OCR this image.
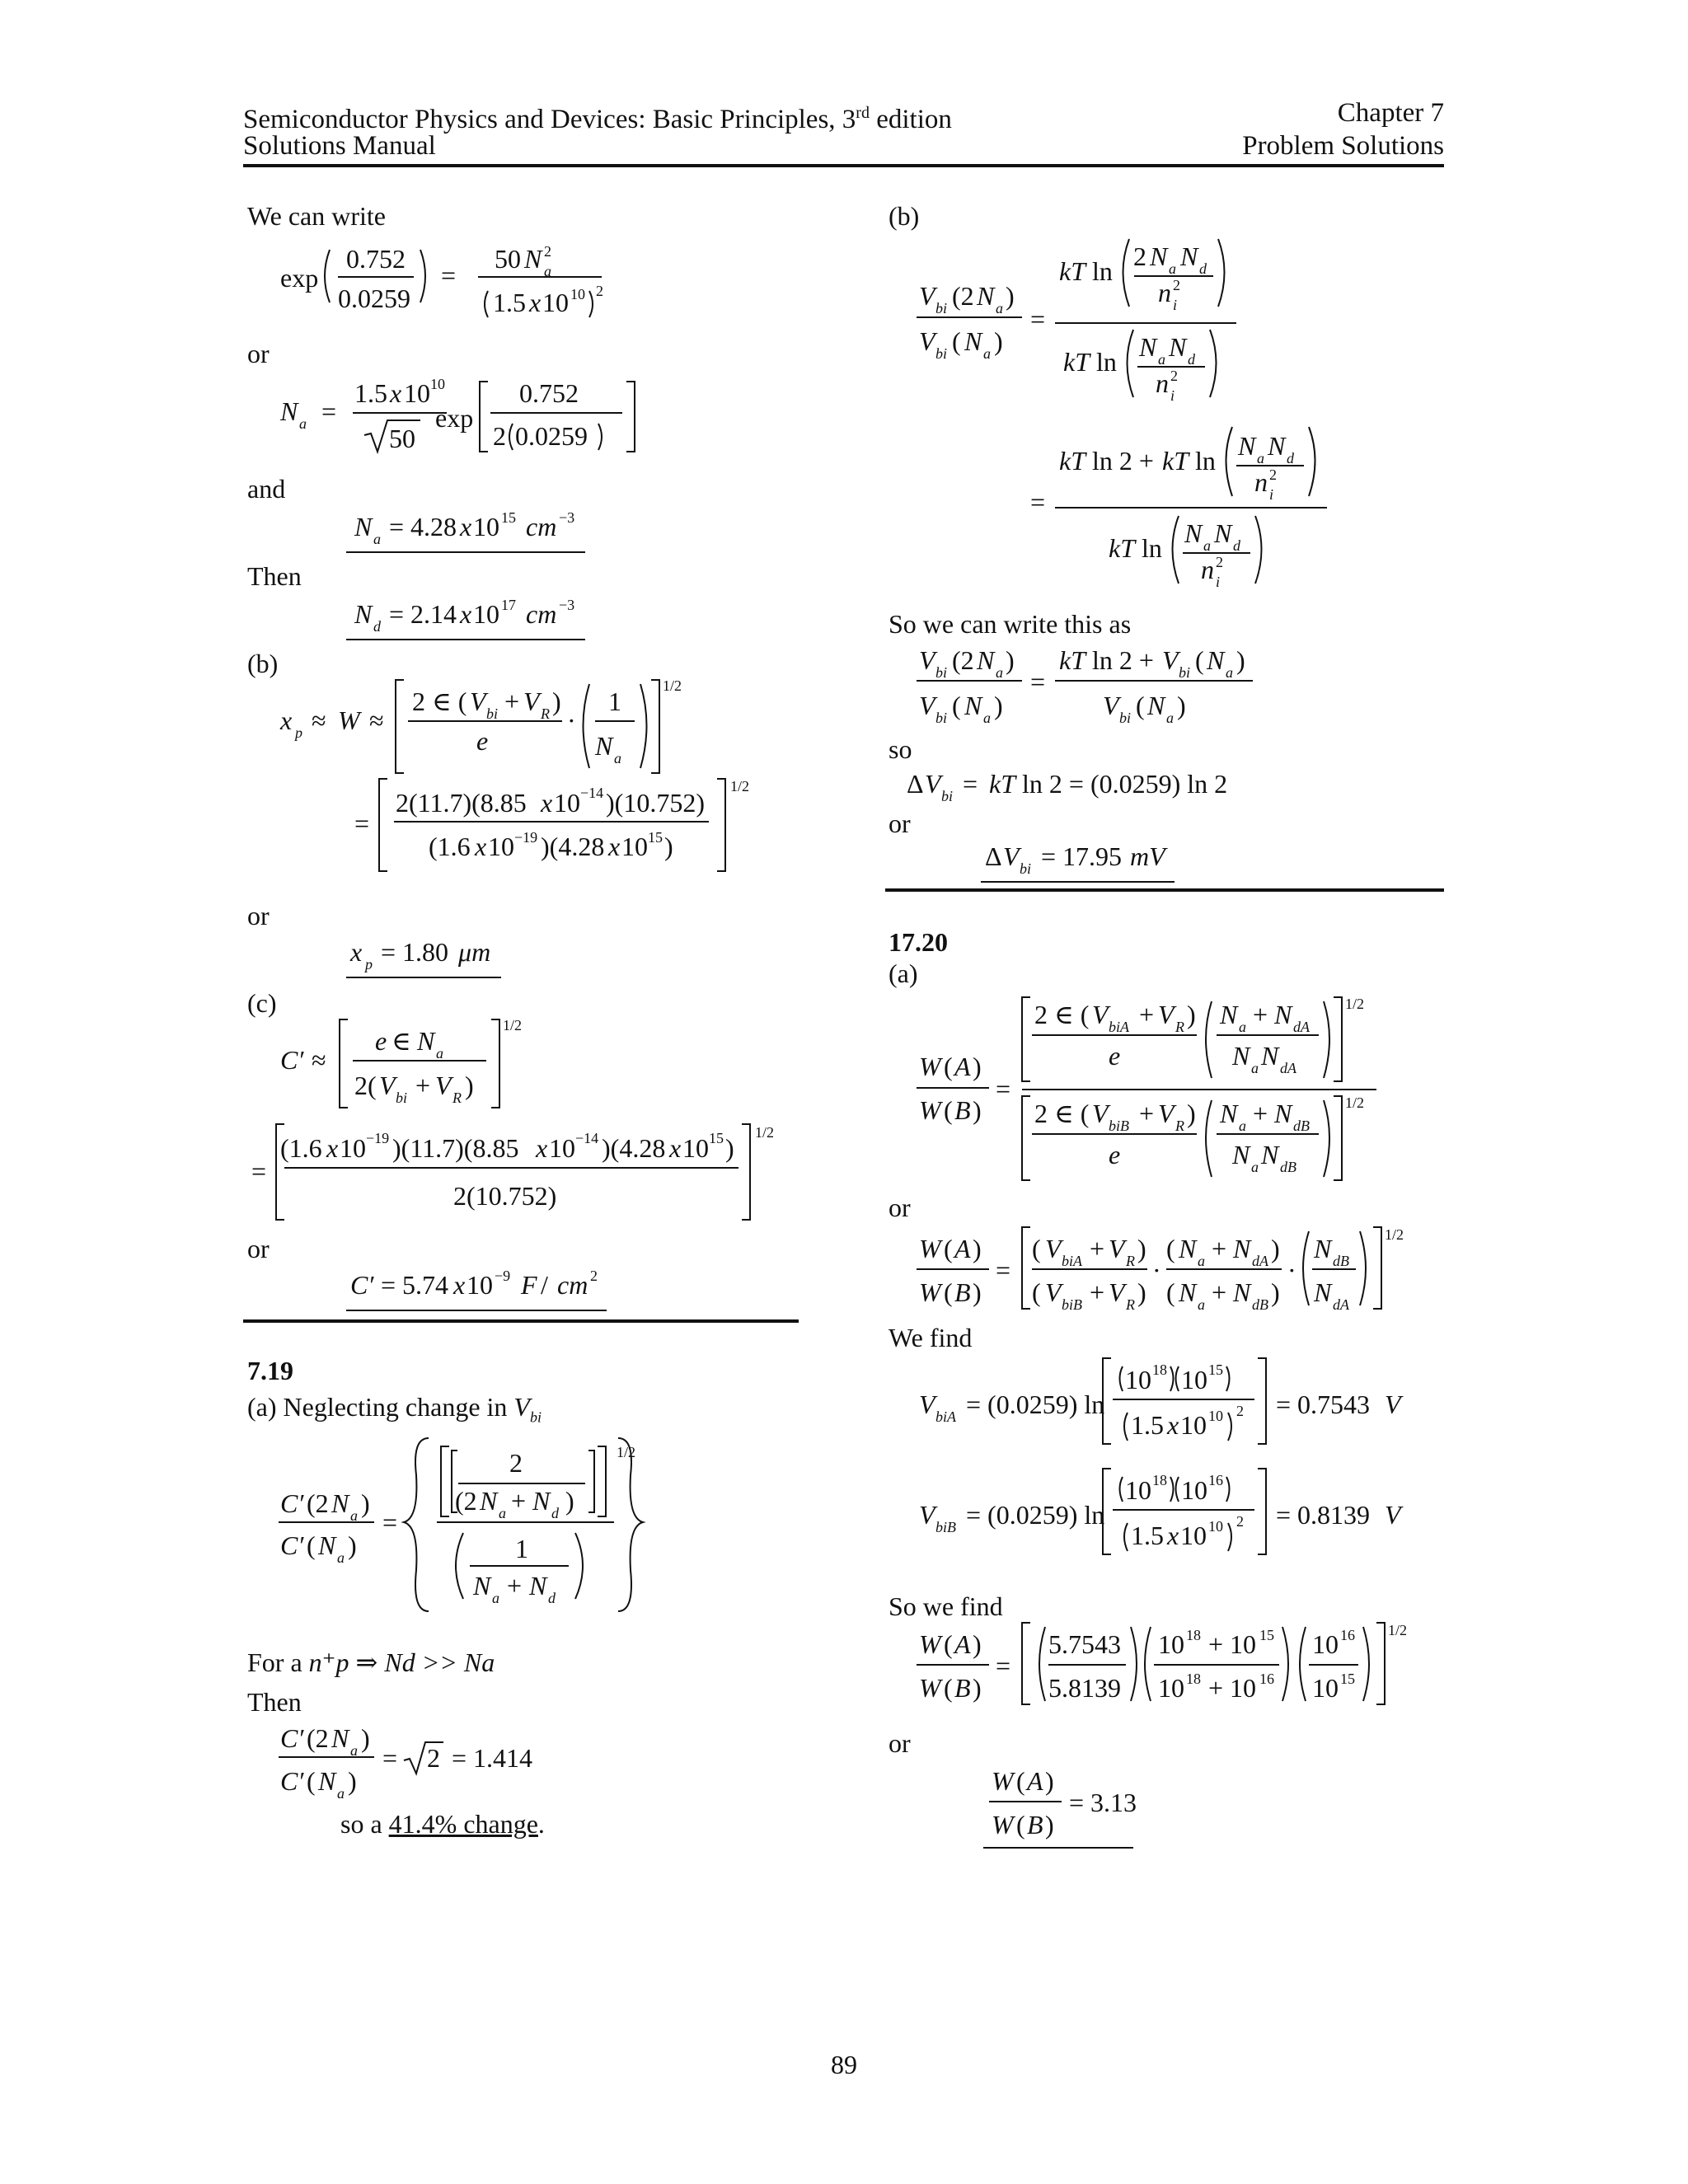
Semiconductor Physics and Devices: Basic Principles, 3rd edition
Solutions Manual
Chapter 7
Problem Solutions
We can write
exp
0.752
0.0259
=
50 N a
2
1.5 x 10 10 2
or
N a =
1.5 x 10 10
50
exp
0.752
2 0.0259
and
N a = 4.28 x 10 15 cm −3
Then
N d = 2.14 x 10 17 cm −3
(b)
x p ≈ W ≈
2 ∈ ( V bi + V R )
e
·
1
N a
1/2
=
2(11.7)(8.85 x 10 −14 )(10.752)
(1.6 x 10 −19 )(4.28 x 10 15 )
1/2
or
x p = 1.80 μm
(c)
C′ ≈
e ∈ N a
2( V bi + V R )
1/2
=
(1.6 x 10 −19 )(11.7)(8.85 x 10 −14 )(4.28 x 10 15 )
2(10.752)
1/2
or
C′ = 5.74 x 10 −9 F / cm 2
7.19
(a) Neglecting change in $V_{bi}$
C′ (2 N a )
C′ ( N a )
=
2
(2 N a + N d )
1/2
1
N a + N d
For a n⁺p ⇒ Nd >> Na
Then
C′ (2 N a )
C′ ( N a )
= 2 = 1.414
so a 41.4% change.
(b)
V bi (2 N a )
V bi ( N a )
=
kT ln 2 N a N d
n 2
i
kT ln N a N d
n 2
i
=
kT ln 2 + kT ln N a N d
n 2
i
kT ln N a N d
n 2
i
So we can write this as
V bi (2 N a )
V bi ( N a )
=
kT ln 2 + V bi ( N a )
V bi ( N a )
so
Δ V bi = kT ln 2 = (0.0259) ln 2
or
Δ V bi = 17.95 mV
17.20
(a)
W ( A )
W ( B )
=
2 ∈ ( V biA + V R )
e
N a + N dA
N a N dA
1/2
2 ∈ ( V biB + V R )
e
N a + N dB
N a N dB
1/2
or
W ( A )
W ( B )
=
( V biA + V R )
( V biB + V R )
·
( N a + N dA )
( N a + N dB )
·
N dB
N dA
1/2
We find
V biA = (0.0259) ln
10 18 10 15
1.5 x 10 10 2 = 0.7543 V
V biB = (0.0259) ln
10 18 10 16
1.5 x 10 10 2 = 0.8139 V
So we find
W ( A )
W ( B )
=
5.7543
5.8139
10 18 + 10 15
10 18 + 10 16
10 16
10 15
1/2
or
W ( A )
W ( B )
= 3.13
89
